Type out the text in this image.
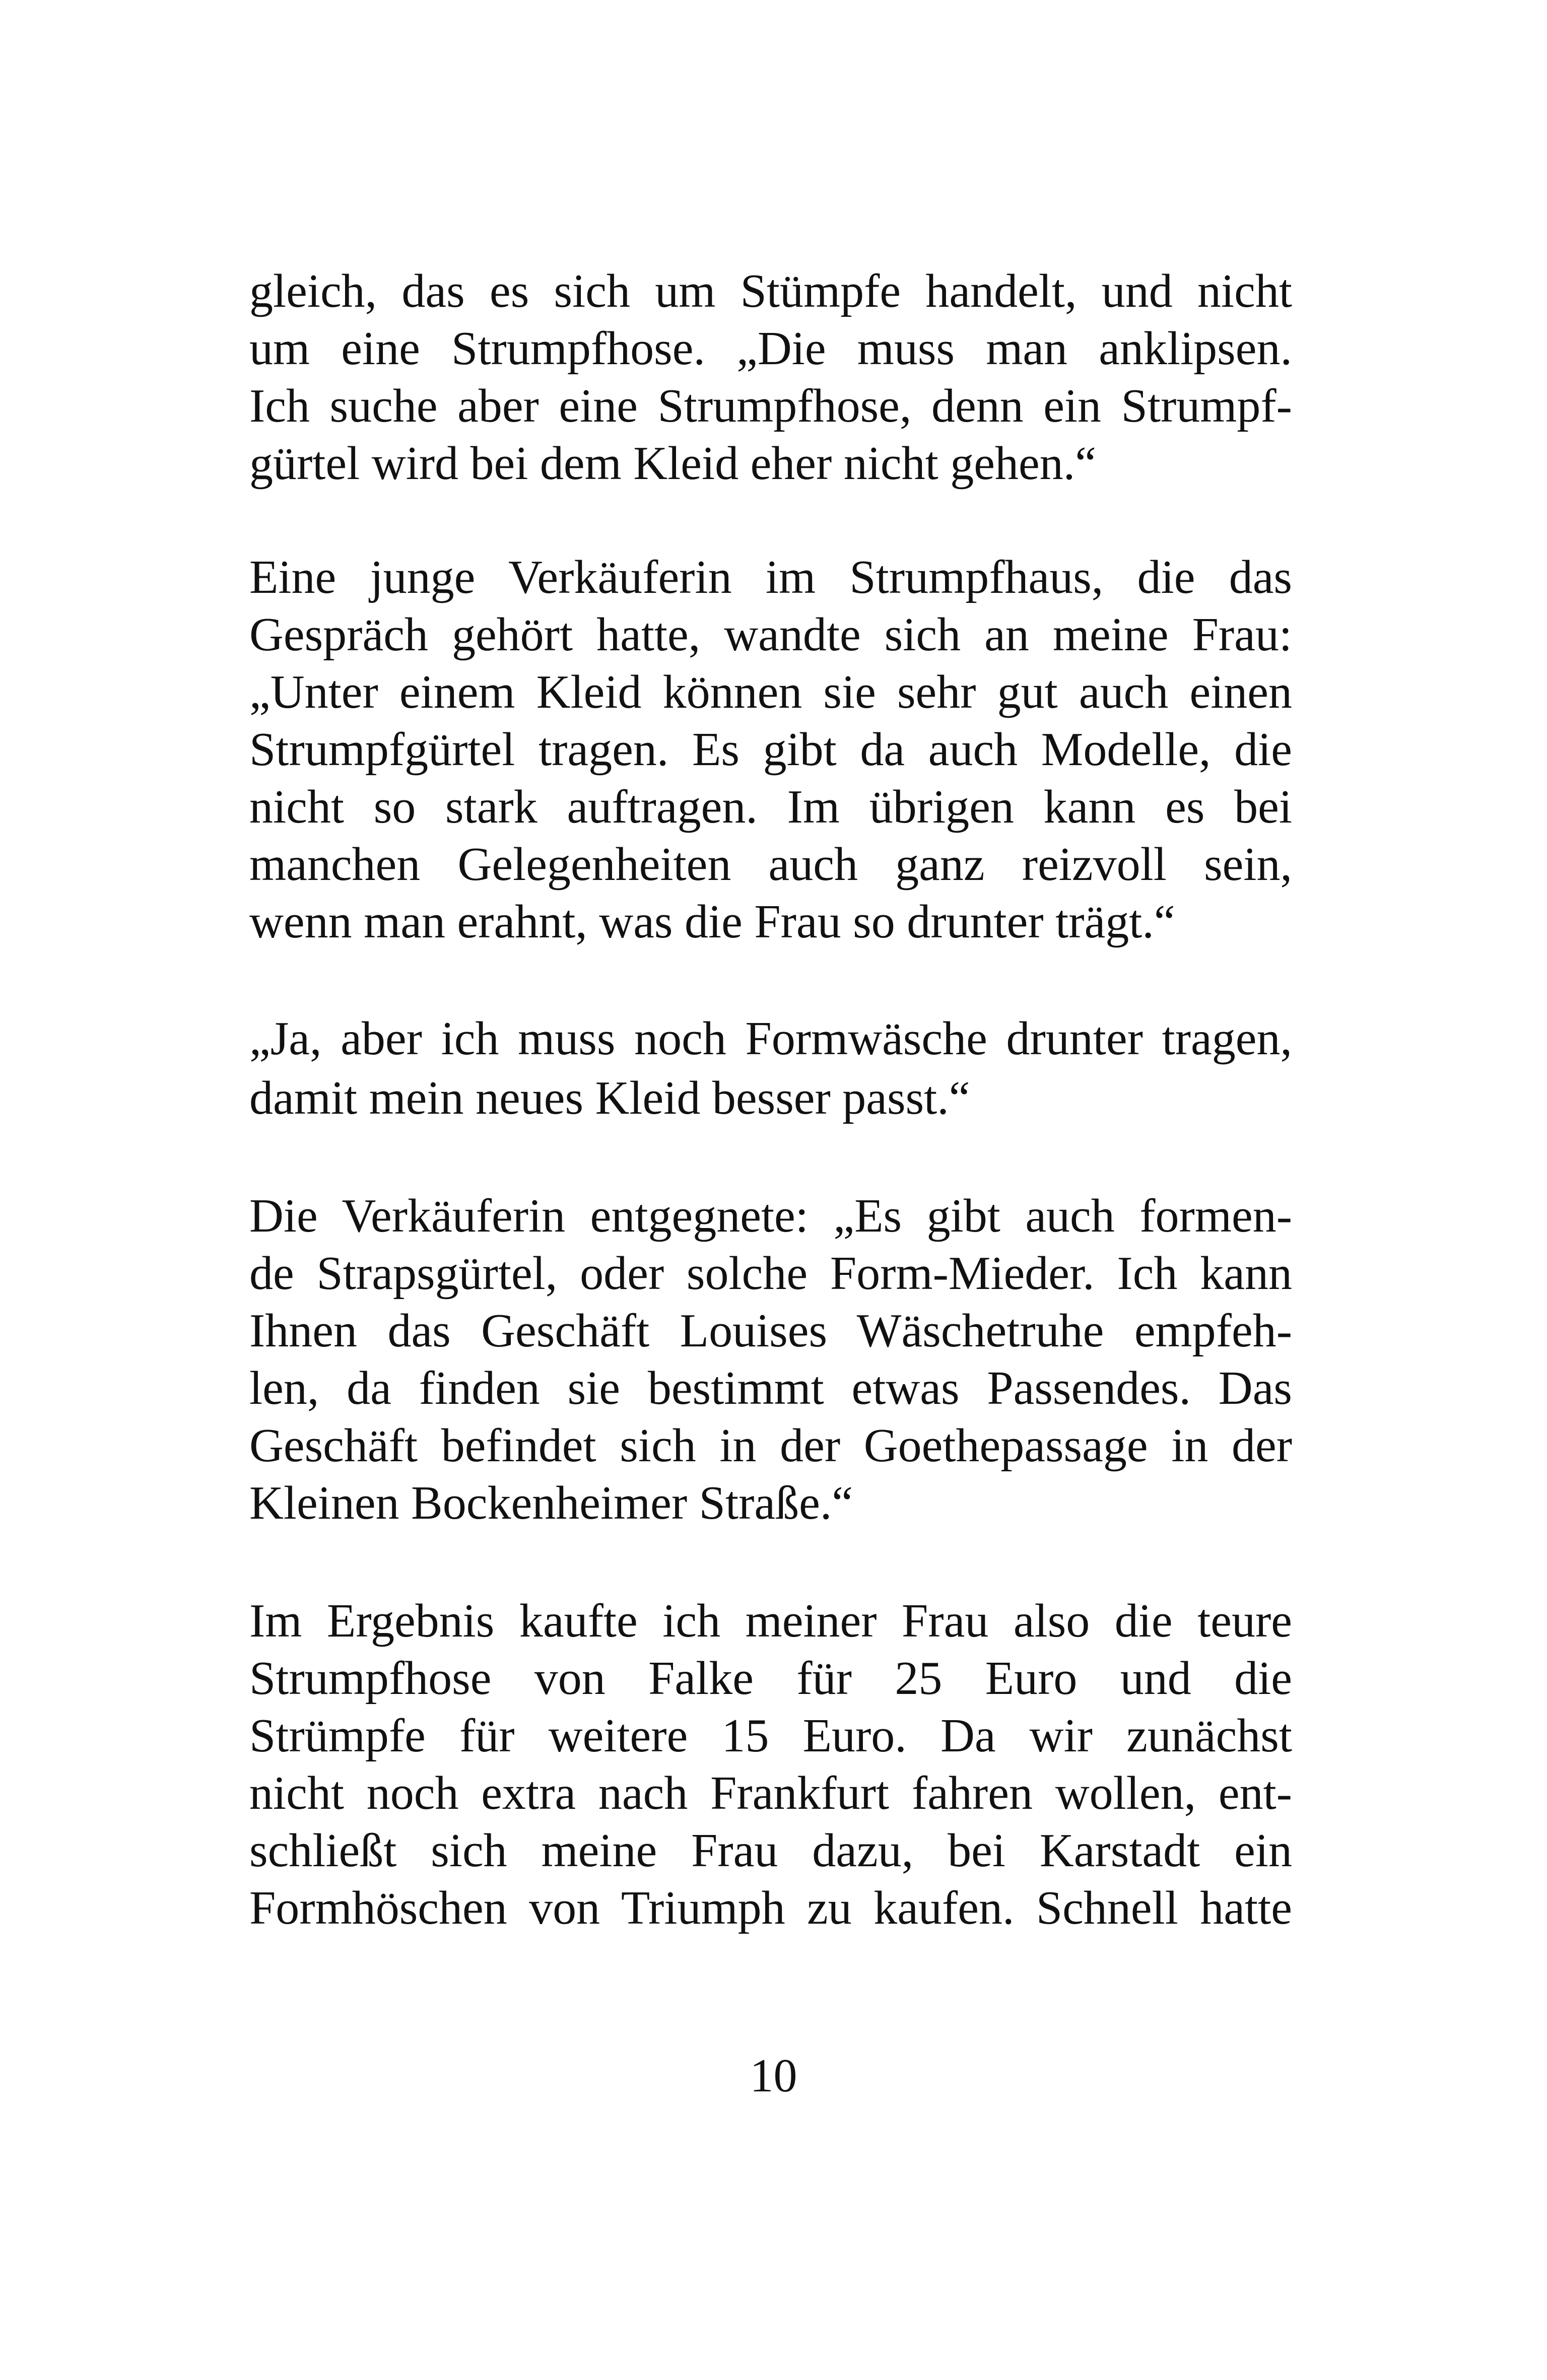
gleich, das es sich um Stümpfe handelt, und nicht
um eine Strumpfhose. „Die muss man anklipsen.
Ich suche aber eine Strumpfhose, denn ein Strumpf-
gürtel wird bei dem Kleid eher nicht gehen.“
Eine junge Verkäuferin im Strumpfhaus, die das
Gespräch gehört hatte, wandte sich an meine Frau:
„Unter einem Kleid können sie sehr gut auch einen
Strumpfgürtel tragen. Es gibt da auch Modelle, die
nicht so stark auftragen. Im übrigen kann es bei
manchen Gelegenheiten auch ganz reizvoll sein,
wenn man erahnt, was die Frau so drunter trägt.“
„Ja, aber ich muss noch Formwäsche drunter tragen,
damit mein neues Kleid besser passt.“
Die Verkäuferin entgegnete: „Es gibt auch formen-
de Strapsgürtel, oder solche Form-Mieder. Ich kann
Ihnen das Geschäft Louises Wäschetruhe empfeh-
len, da finden sie bestimmt etwas Passendes. Das
Geschäft befindet sich in der Goethepassage in der
Kleinen Bockenheimer Straße.“
Im Ergebnis kaufte ich meiner Frau also die teure
Strumpfhose von Falke für 25 Euro und die
Strümpfe für weitere 15 Euro. Da wir zunächst
nicht noch extra nach Frankfurt fahren wollen, ent-
schließt sich meine Frau dazu, bei Karstadt ein
Formhöschen von Triumph zu kaufen. Schnell hatte
10
